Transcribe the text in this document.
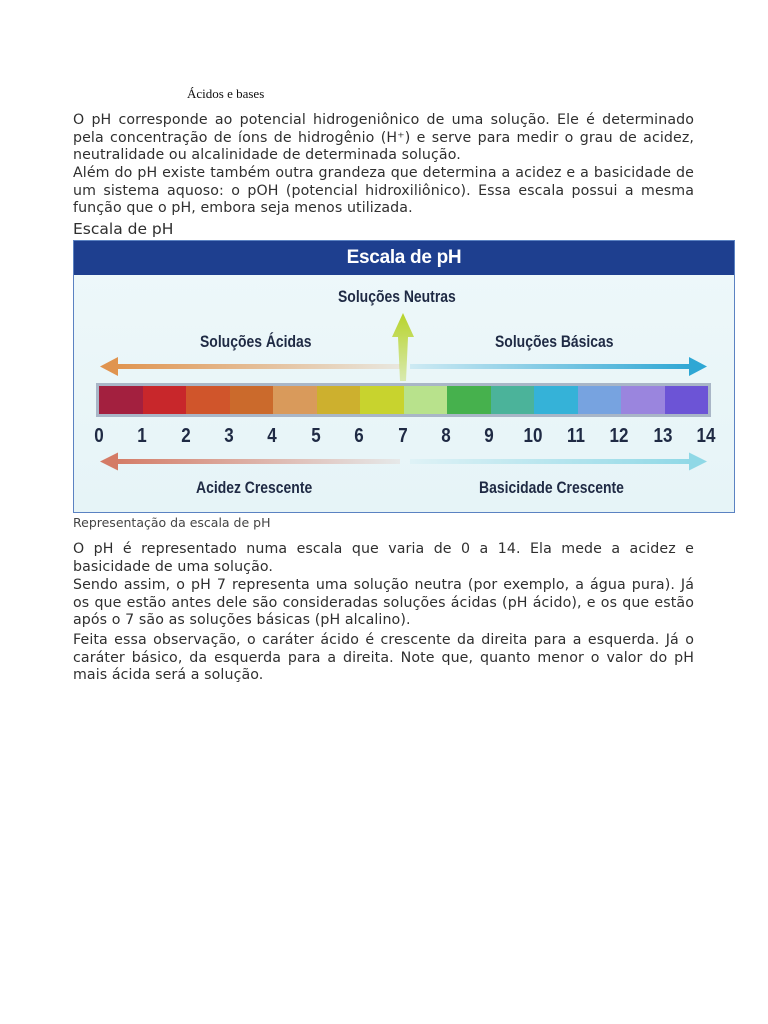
Ácidos e bases

O pH corresponde ao potencial hidrogeniônico de uma solução. Ele é determinado pela concentração de íons de hidrogênio (H⁺) e serve para medir o grau de acidez, neutralidade ou alcalinidade de determinada solução.

Além do pH existe também outra grandeza que determina a acidez e a basicidade de um sistema aquoso: o pOH (potencial hidroxiliônico). Essa escala possui a mesma função que o pH, embora seja menos utilizada.

Escala de pH
Escala de pH
Soluções Neutras
Soluções Ácidas	Soluções Básicas
0	1	2	3	4	5	6	7	8	9	10 11 12 13 14
Acidez Crescente	Basicidade Crescente

Representação da escala de pH

O pH é representado numa escala que varia de 0 a 14. Ela mede a acidez e basicidade de uma solução.

Sendo assim, o pH 7 representa uma solução neutra (por exemplo, a água pura). Já os que estão antes dele são consideradas soluções ácidas (pH ácido), e os que estão após o 7 são as soluções básicas (pH alcalino).

Feita essa observação, o caráter ácido é crescente da direita para a esquerda. Já o caráter básico, da esquerda para a direita. Note que, quanto menor o valor do pH mais ácida será a solução.
